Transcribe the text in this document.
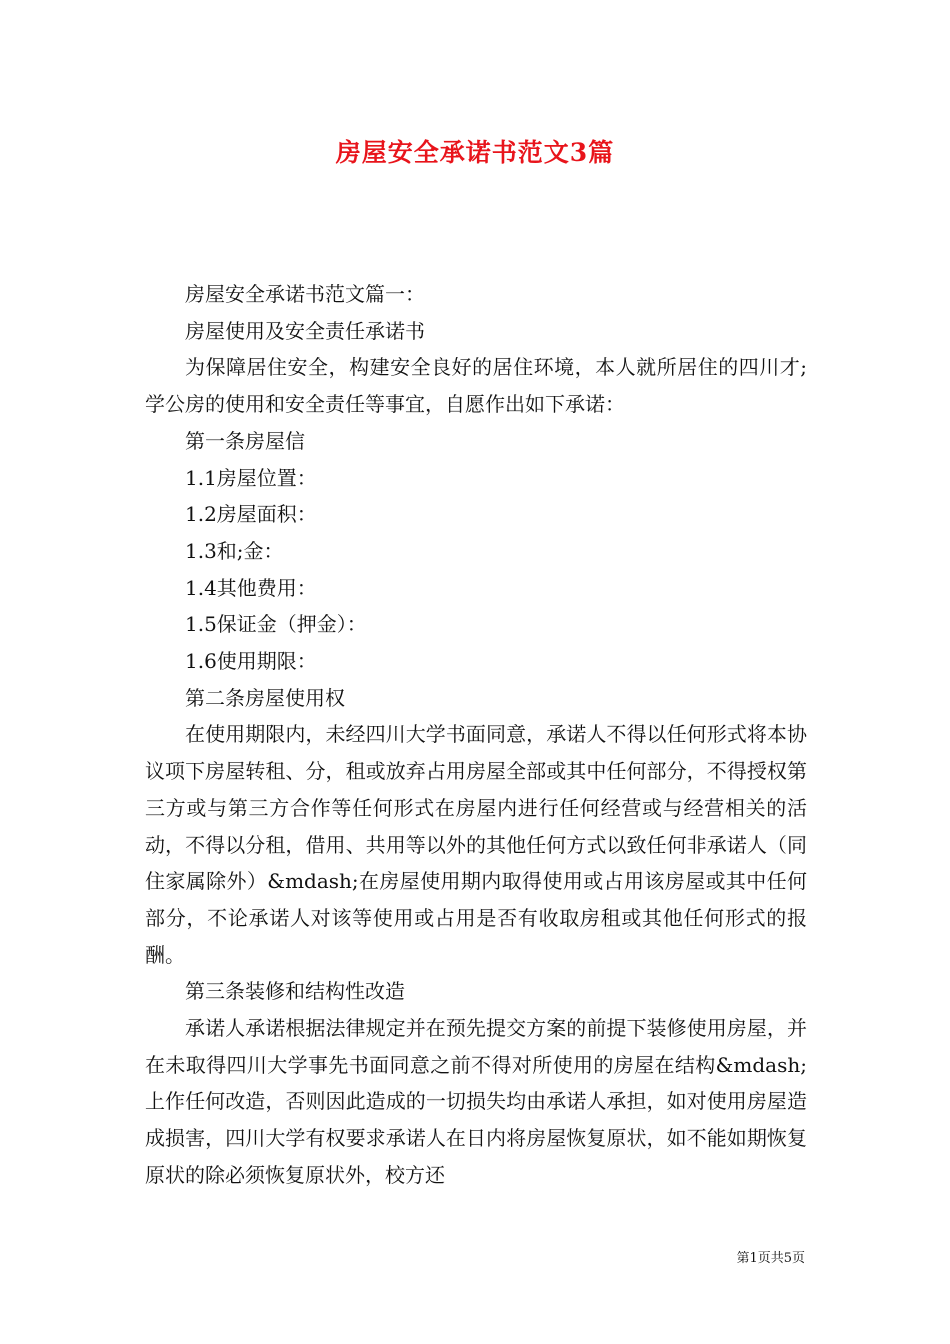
房屋安全承诺书范文3篇

房屋安全承诺书范文篇一：

房屋使用及安全责任承诺书

为保障居住安全，构建安全良好的居住环境，本人就所居住的四川才;学公房的使用和安全责任等事宜，自愿作出如下承诺：

第一条房屋信

1.1房屋位置：

1.2房屋面积：

1.3和;金：

1.4其他费用：

1.5保证金（押金）：

1.6使用期限：

第二条房屋使用权

在使用期限内，未经四川大学书面同意，承诺人不得以任何形式将本协议项下房屋转租、分，租或放弃占用房屋全部或其中任何部分，不得授权第三方或与第三方合作等任何形式在房屋内进行任何经营或与经营相关的活动，不得以分租，借用、共用等以外的其他任何方式以致任何非承诺人（同住家属除外）&mdash;在房屋使用期内取得使用或占用该房屋或其中任何部分，不论承诺人对该等使用或占用是否有收取房租或其他任何形式的报酬。

第三条装修和结构性改造

承诺人承诺根据法律规定并在预先提交方案的前提下装修使用房屋，并在未取得四川大学事先书面同意之前不得对所使用的房屋在结构&mdash;上作任何改造，否则因此造成的一切损失均由承诺人承担，如对使用房屋造成损害，四川大学有权要求承诺人在日内将房屋恢复原状，如不能如期恢复原状的除必须恢复原状外，校方还

第1页共5页
